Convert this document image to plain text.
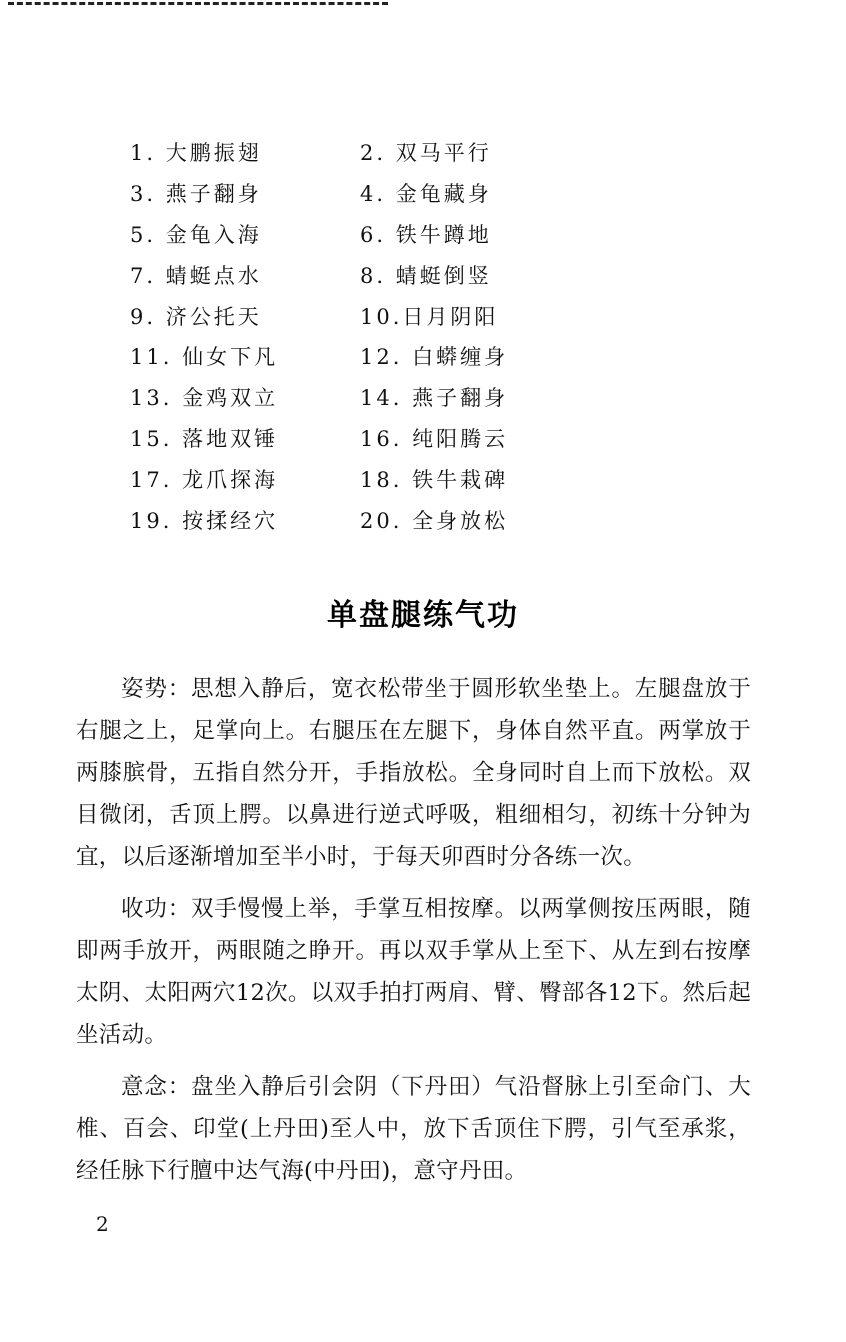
1. 大鹏振翅	2. 双马平行
3. 燕子翻身	4. 金龟藏身
5. 金龟入海	6. 铁牛蹲地
7. 蜻蜓点水	8. 蜻蜓倒竖
9. 济公托天	10.日月阴阳
11. 仙女下凡	12. 白蟒缠身
13. 金鸡双立	14. 燕子翻身
15. 落地双锤	16. 纯阳腾云
17. 龙爪探海	18. 铁牛栽碑
19. 按揉经穴	20. 全身放松
单盘腿练气功

姿势：思想入静后，宽衣松带坐于圆形软坐垫上。左腿盘放于右腿之上，足掌向上。右腿压在左腿下，身体自然平直。两掌放于两膝膑骨，五指自然分开，手指放松。全身同时自上而下放松。双目微闭，舌顶上腭。以鼻进行逆式呼吸，粗细相匀，初练十分钟为宜，以后逐渐增加至半小时，于每天卯酉时分各练一次。

收功：双手慢慢上举，手掌互相按摩。以两掌侧按压两眼，随即两手放开，两眼随之睁开。再以双手掌从上至下、从左到右按摩太阴、太阳两穴12次。以双手拍打两肩、臂、臀部各12下。然后起坐活动。

意念：盘坐入静后引会阴（下丹田）气沿督脉上引至命门、大椎、百会、印堂(上丹田)至人中，放下舌顶住下腭，引气至承浆，经任脉下行膻中达气海(中丹田)，意守丹田。

2
